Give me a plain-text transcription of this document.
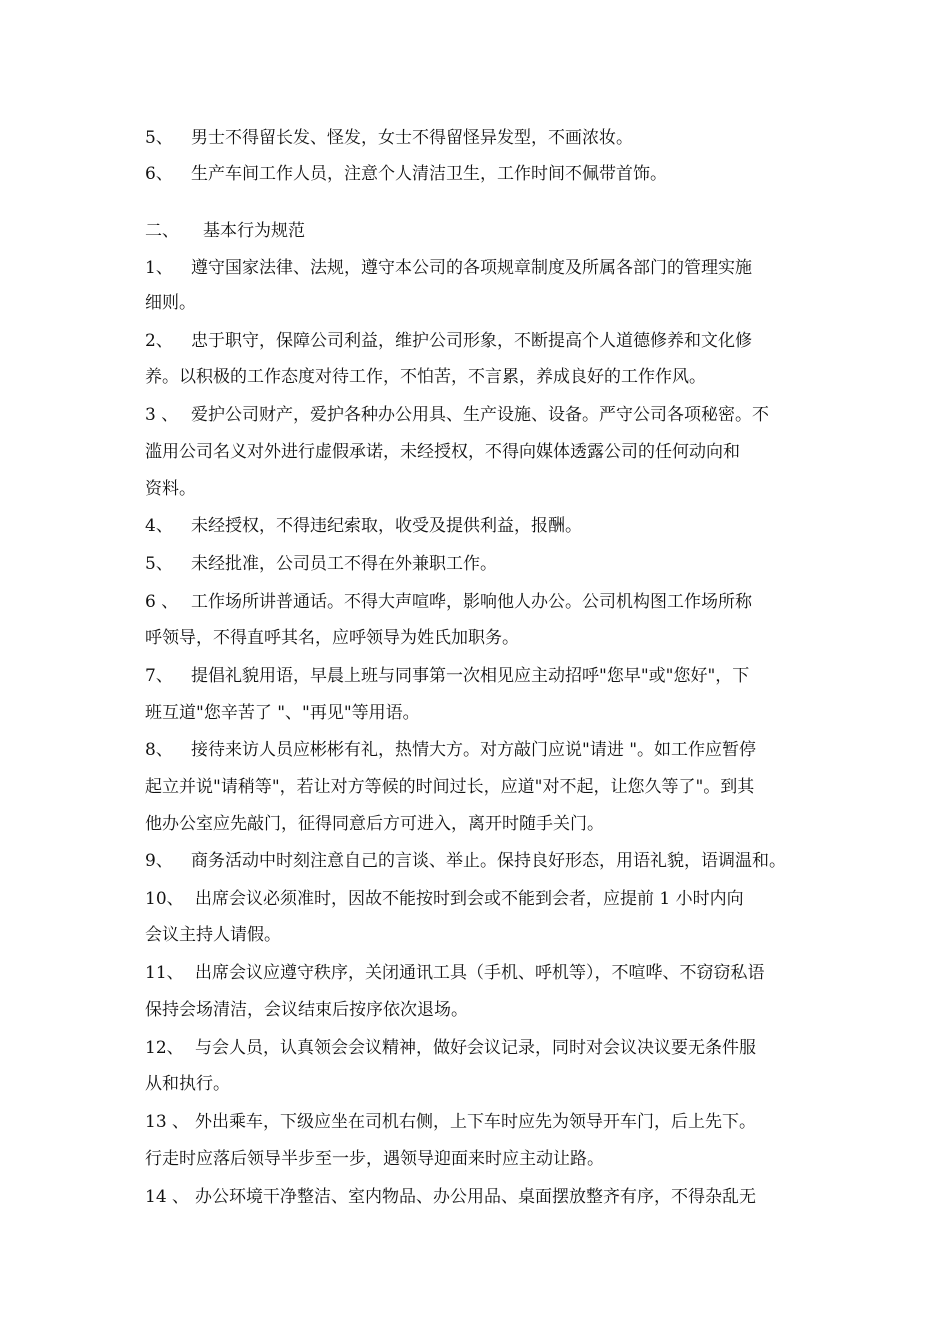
5、 男士不得留长发、怪发，女士不得留怪异发型，不画浓妆。
6、 生产车间工作人员，注意个人清洁卫生，工作时间不佩带首饰。
二、 基本行为规范
1、 遵守国家法律、法规，遵守本公司的各项规章制度及所属各部门的管理实施
细则。
2、 忠于职守，保障公司利益，维护公司形象，不断提高个人道德修养和文化修
养。以积极的工作态度对待工作，不怕苦，不言累，养成良好的工作作风。
3 、 爱护公司财产，爱护各种办公用具、生产设施、设备。严守公司各项秘密。不
滥用公司名义对外进行虚假承诺，未经授权，不得向媒体透露公司的任何动向和
资料。
4、 未经授权，不得违纪索取，收受及提供利益，报酬。
5、 未经批准，公司员工不得在外兼职工作。
6 、 工作场所讲普通话。不得大声喧哗，影响他人办公。公司机构图工作场所称
呼领导，不得直呼其名，应呼领导为姓氏加职务。
7、 提倡礼貌用语，早晨上班与同事第一次相见应主动招呼"您早"或"您好"，下
班互道"您辛苦了 "、"再见"等用语。
8、 接待来访人员应彬彬有礼，热情大方。对方敲门应说"请进 "。如工作应暂停
起立并说"请稍等"，若让对方等候的时间过长，应道"对不起，让您久等了"。到其
他办公室应先敲门，征得同意后方可进入，离开时随手关门。
9、 商务活动中时刻注意自己的言谈、举止。保持良好形态，用语礼貌，语调温和。
10、 出席会议必须准时，因故不能按时到会或不能到会者，应提前 1 小时内向
会议主持人请假。
11、 出席会议应遵守秩序，关闭通讯工具（手机、呼机等），不喧哗、不窃窃私语
保持会场清洁，会议结束后按序依次退场。
12、 与会人员，认真领会会议精神，做好会议记录，同时对会议决议要无条件服
从和执行。
13 、 外出乘车，下级应坐在司机右侧，上下车时应先为领导开车门，后上先下。
行走时应落后领导半步至一步，遇领导迎面来时应主动让路。
14 、 办公环境干净整洁、室内物品、办公用品、桌面摆放整齐有序，不得杂乱无
